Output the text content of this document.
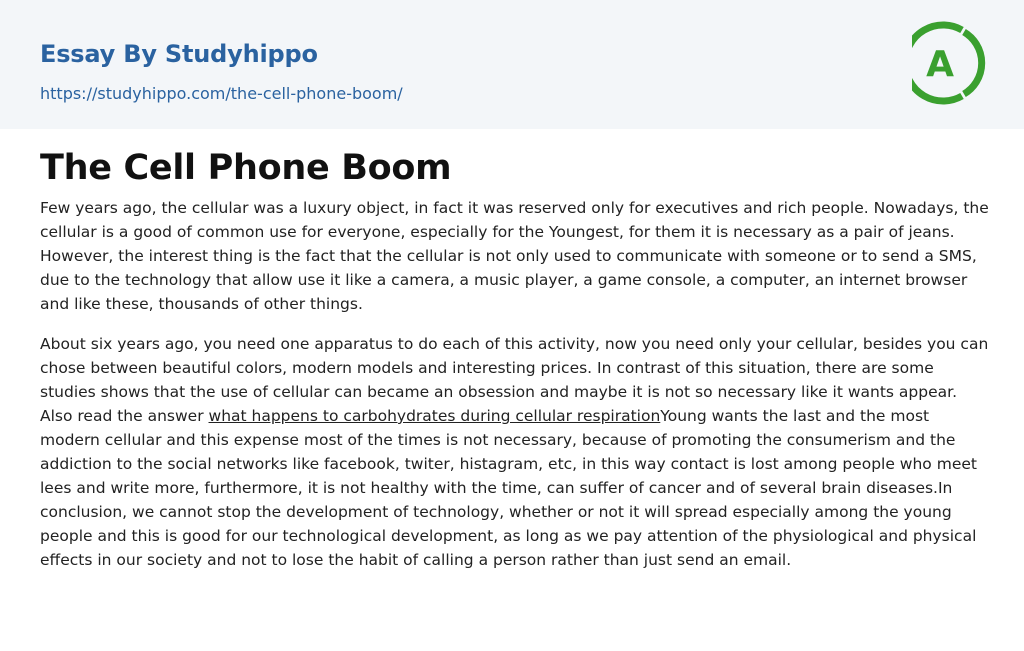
Essay By Studyhippo
https://studyhippo.com/the-cell-phone-boom/
A
The Cell Phone Boom

Few years ago, the cellular was a luxury object, in fact it was reserved only for executives and rich people. Nowadays, the cellular is a good of common use for everyone, especially for the Youngest, for them it is necessary as a pair of jeans. However, the interest thing is the fact that the cellular is not only used to communicate with someone or to send a SMS, due to the technology that allow use it like a camera, a music player, a game console, a computer, an internet browser and like these, thousands of other things.

About six years ago, you need one apparatus to do each of this activity, now you need only your cellular, besides you can chose between beautiful colors, modern models and interesting prices. In contrast of this situation, there are some studies shows that the use of cellular can became an obsession and maybe it is not so necessary like it wants appear. Also read the answer what happens to carbohydrates during cellular respirationYoung wants the last and the most modern cellular and this expense most of the times is not necessary, because of promoting the consumerism and the addiction to the social networks like facebook, twiter, histagram, etc, in this way contact is lost among people who meet lees and write more, furthermore, it is not healthy with the time, can suffer of cancer and of several brain diseases.In conclusion, we cannot stop the development of technology, whether or not it will spread especially among the young people and this is good for our technological development, as long as we pay attention of the physiological and physical effects in our society and not to lose the habit of calling a person rather than just send an email.
